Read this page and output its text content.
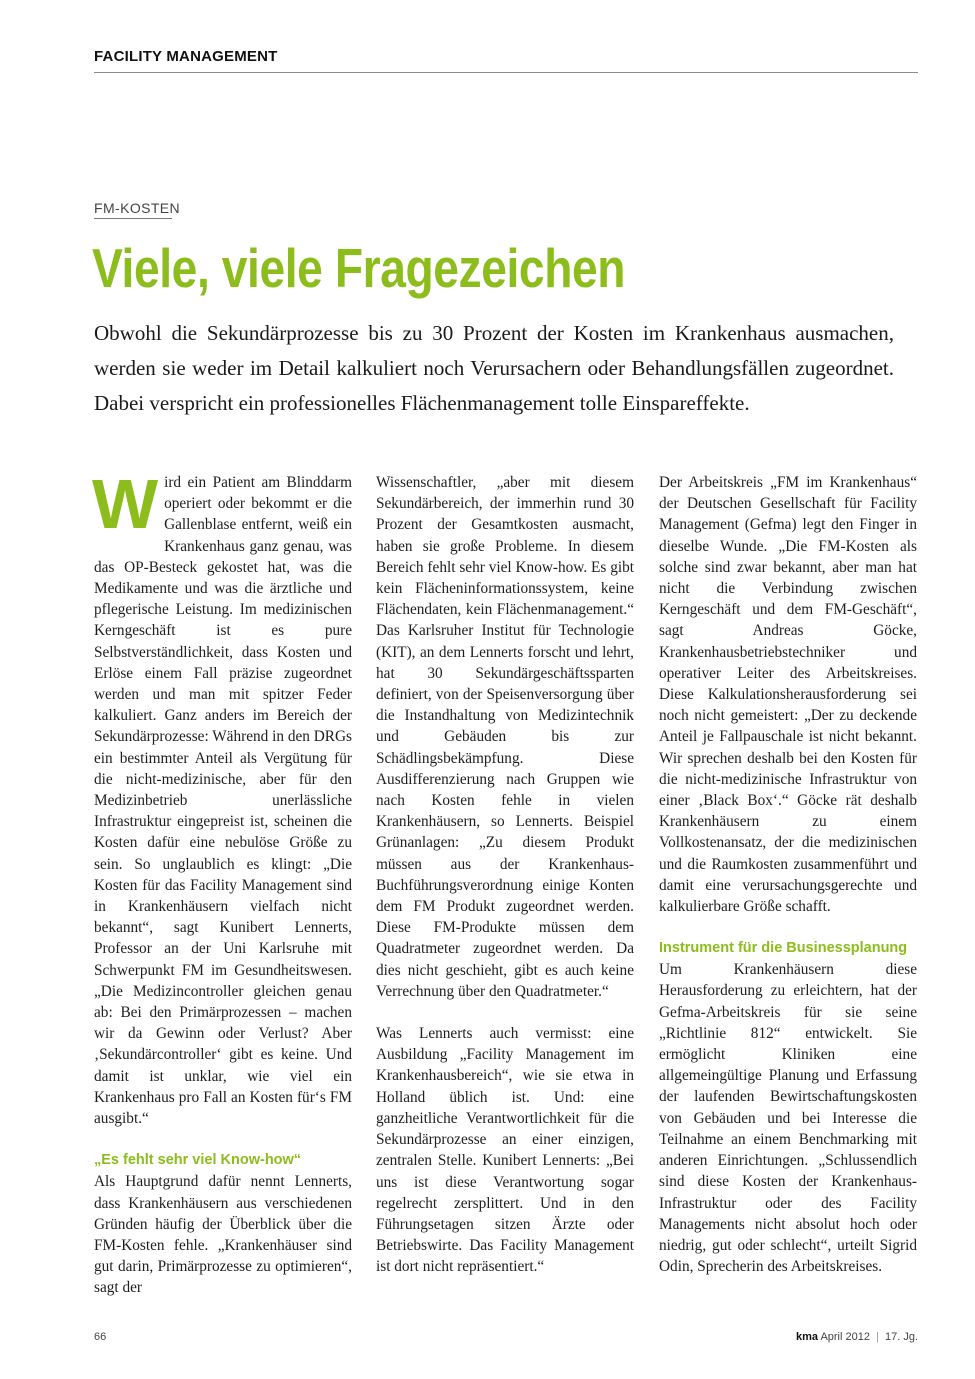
FACILITY MANAGEMENT
FM-KOSTEN
Viele, viele Fragezeichen

Obwohl die Sekundärprozesse bis zu 30 Prozent der Kosten im Krankenhaus ausmachen, werden sie weder im Detail kalkuliert noch Verursachern oder Behandlungsfällen zugeordnet. Dabei verspricht ein professionelles Flächenmanagement tolle Einspareffekte.

Wird ein Patient am Blinddarm operiert oder bekommt er die Gallenblase entfernt, weiß ein Krankenhaus ganz genau, was das OP-Besteck gekostet hat, was die Medikamente und was die ärztliche und pflegerische Leistung. Im medizinischen Kerngeschäft ist es pure Selbstverständlichkeit, dass Kosten und Erlöse einem Fall präzise zugeordnet werden und man mit spitzer Feder kalkuliert. Ganz anders im Bereich der Sekundärprozesse: Während in den DRGs ein bestimmter Anteil als Vergütung für die nicht-medizinische, aber für den Medizinbetrieb unerlässliche Infrastruktur eingepreist ist, scheinen die Kosten dafür eine nebulöse Größe zu sein. So unglaublich es klingt: „Die Kosten für das Facility Management sind in Krankenhäusern vielfach nicht bekannt“, sagt Kunibert Lennerts, Professor an der Uni Karlsruhe mit Schwerpunkt FM im Gesundheitswesen. „Die Medizincontroller gleichen genau ab: Bei den Primärprozessen – machen wir da Gewinn oder Verlust? Aber ‚Sekundärcontroller‘ gibt es keine. Und damit ist unklar, wie viel ein Krankenhaus pro Fall an Kosten für‘s FM ausgibt.“

„Es fehlt sehr viel Know-how“

Als Hauptgrund dafür nennt Lennerts, dass Krankenhäusern aus verschiedenen Gründen häufig der Überblick über die FM-Kosten fehle. „Krankenhäuser sind gut darin, Primärprozesse zu optimieren“, sagt der

Wissenschaftler, „aber mit diesem Sekundärbereich, der immerhin rund 30 Prozent der Gesamtkosten ausmacht, haben sie große Probleme. In diesem Bereich fehlt sehr viel Know-how. Es gibt kein Flächeninformationssystem, keine Flächendaten, kein Flächenmanagement.“ Das Karlsruher Institut für Technologie (KIT), an dem Lennerts forscht und lehrt, hat 30 Sekundärgeschäftssparten definiert, von der Speisenversorgung über die Instandhaltung von Medizintechnik und Gebäuden bis zur Schädlingsbekämpfung. Diese Ausdifferenzierung nach Gruppen wie nach Kosten fehle in vielen Krankenhäusern, so Lennerts. Beispiel Grünanlagen: „Zu diesem Produkt müssen aus der Krankenhaus-Buchführungsverordnung einige Konten dem FM Produkt zugeordnet werden. Diese FM-Produkte müssen dem Quadratmeter zugeordnet werden. Da dies nicht geschieht, gibt es auch keine Verrechnung über den Quadratmeter.“

Was Lennerts auch vermisst: eine Ausbildung „Facility Management im Krankenhausbereich“, wie sie etwa in Holland üblich ist. Und: eine ganzheitliche Verantwortlichkeit für die Sekundärprozesse an einer einzigen, zentralen Stelle. Kunibert Lennerts: „Bei uns ist diese Verantwortung sogar regelrecht zersplittert. Und in den Führungsetagen sitzen Ärzte oder Betriebswirte. Das Facility Management ist dort nicht repräsentiert.“

Der Arbeitskreis „FM im Krankenhaus“ der Deutschen Gesellschaft für Facility Management (Gefma) legt den Finger in dieselbe Wunde. „Die FM-Kosten als solche sind zwar bekannt, aber man hat nicht die Verbindung zwischen Kerngeschäft und dem FM-Geschäft“, sagt Andreas Göcke, Krankenhausbetriebstechniker und operativer Leiter des Arbeitskreises. Diese Kalkulationsherausforderung sei noch nicht gemeistert: „Der zu deckende Anteil je Fallpauschale ist nicht bekannt. Wir sprechen deshalb bei den Kosten für die nicht-medizinische Infrastruktur von einer ‚Black Box‘.“ Göcke rät deshalb Krankenhäusern zu einem Vollkostenansatz, der die medizinischen und die Raumkosten zusammenführt und damit eine verursachungsgerechte und kalkulierbare Größe schafft.

Instrument für die Businessplanung

Um Krankenhäusern diese Herausforderung zu erleichtern, hat der Gefma-Arbeitskreis für sie seine „Richtlinie 812“ entwickelt. Sie ermöglicht Kliniken eine allgemeingültige Planung und Erfassung der laufenden Bewirtschaftungskosten von Gebäuden und bei Interesse die Teilnahme an einem Benchmarking mit anderen Einrichtungen. „Schlussendlich sind diese Kosten der Krankenhaus-Infrastruktur oder des Facility Managements nicht absolut hoch oder niedrig, gut oder schlecht“, urteilt Sigrid Odin, Sprecherin des Arbeitskreises.

66	kma April 2012 | 17. Jg.
